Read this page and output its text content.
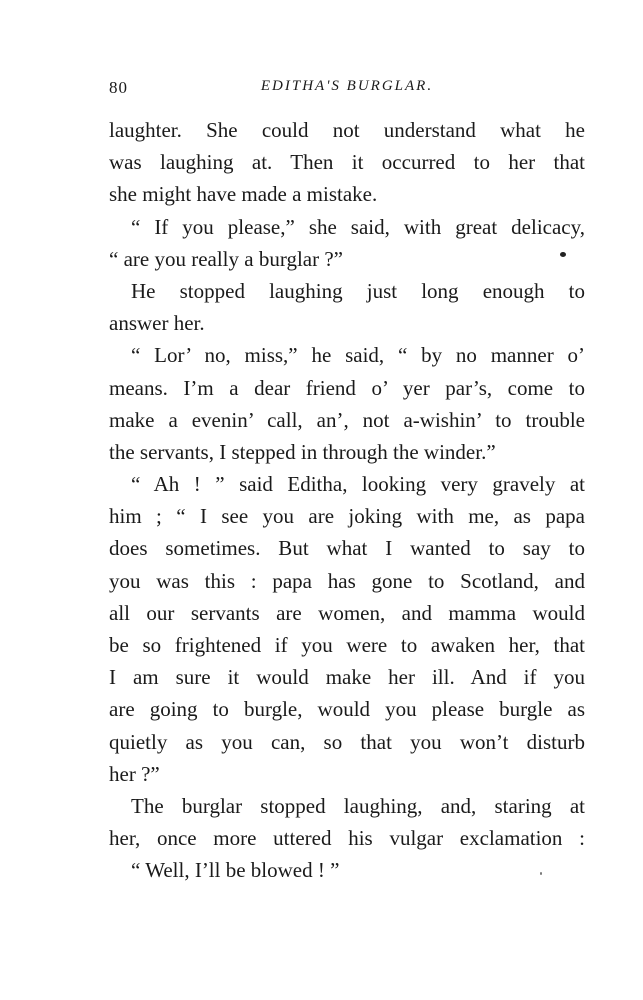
80	EDITHA'S BURGLAR.
laughter. She could not understand what he
was laughing at. Then it occurred to her that
she might have made a mistake.
“ If you please,” she said, with great delicacy,
“ are you really a burglar ?”
He stopped laughing just long enough to
answer her.
“ Lor’ no, miss,” he said, “ by no manner o’
means. I’m a dear friend o’ yer par’s, come to
make a evenin’ call, an’, not a-wishin’ to trouble
the servants, I stepped in through the winder.”
“ Ah ! ” said Editha, looking very gravely at
him ; “ I see you are joking with me, as papa
does sometimes. But what I wanted to say to
you was this : papa has gone to Scotland, and
all our servants are women, and mamma would
be so frightened if you were to awaken her, that
I am sure it would make her ill. And if you
are going to burgle, would you please burgle as
quietly as you can, so that you won’t disturb
her ?”
The burglar stopped laughing, and, staring at
her, once more uttered his vulgar exclamation :
“ Well, I’ll be blowed ! ”
